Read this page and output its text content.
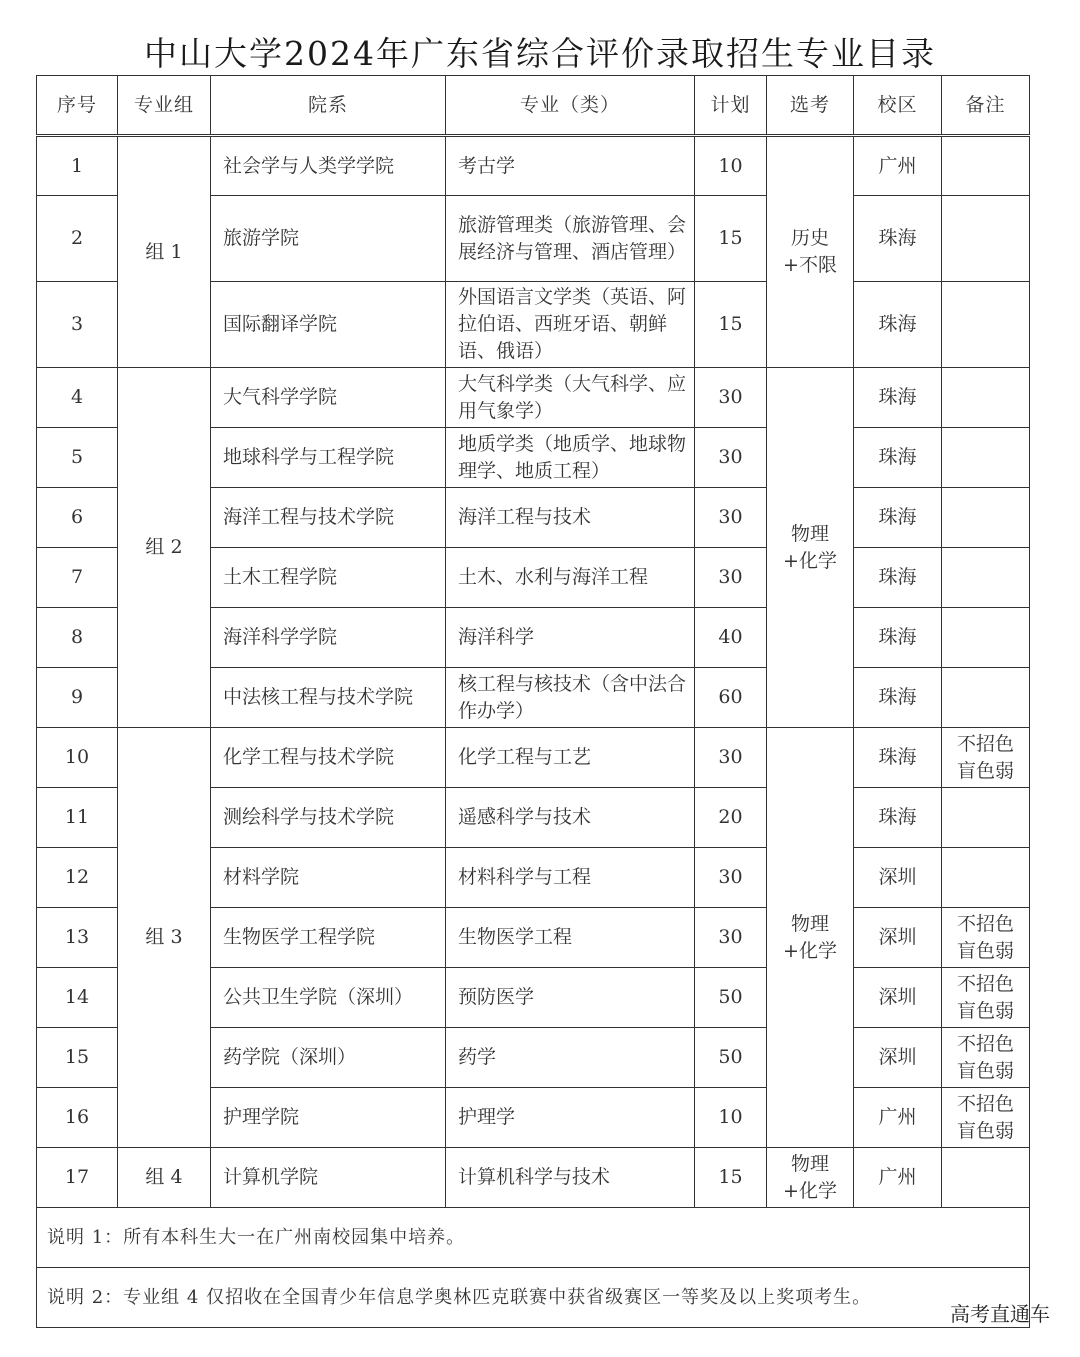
中山大学2024年广东省综合评价录取招生专业目录
序号	专业组	院系	专业（类）	计划	选考	校区	备注
1	组 1	社会学与人类学学院	考古学	10	历史+不限	广州	
2		旅游学院	旅游管理类（旅游管理、会展经济与管理、酒店管理）	15		珠海	
3		国际翻译学院	外国语言文学类（英语、阿拉伯语、西班牙语、朝鲜语、俄语）	15		珠海	
4	组 2	大气科学学院	大气科学类（大气科学、应用气象学）	30	物理+化学	珠海	
5		地球科学与工程学院	地质学类（地质学、地球物理学、地质工程）	30		珠海	
6		海洋工程与技术学院	海洋工程与技术	30		珠海	
7		土木工程学院	土木、水利与海洋工程	30		珠海	
8		海洋科学学院	海洋科学	40		珠海	
9		中法核工程与技术学院	核工程与核技术（含中法合作办学）	60		珠海	
10	组 3	化学工程与技术学院	化学工程与工艺	30	物理+化学	珠海	不招色盲色弱
11		测绘科学与技术学院	遥感科学与技术	20		珠海	
12		材料学院	材料科学与工程	30		深圳	
13		生物医学工程学院	生物医学工程	30		深圳	不招色盲色弱
14		公共卫生学院（深圳）	预防医学	50		深圳	不招色盲色弱
15		药学院（深圳）	药学	50		深圳	不招色盲色弱
16		护理学院	护理学	10		广州	不招色盲色弱
17	组 4	计算机学院	计算机科学与技术	15	物理+化学	广州	
说明 1：所有本科生大一在广州南校园集中培养。							
说明 2：专业组 4 仅招收在全国青少年信息学奥林匹克联赛中获省级赛区一等奖及以上奖项考生。							
高考直通车
